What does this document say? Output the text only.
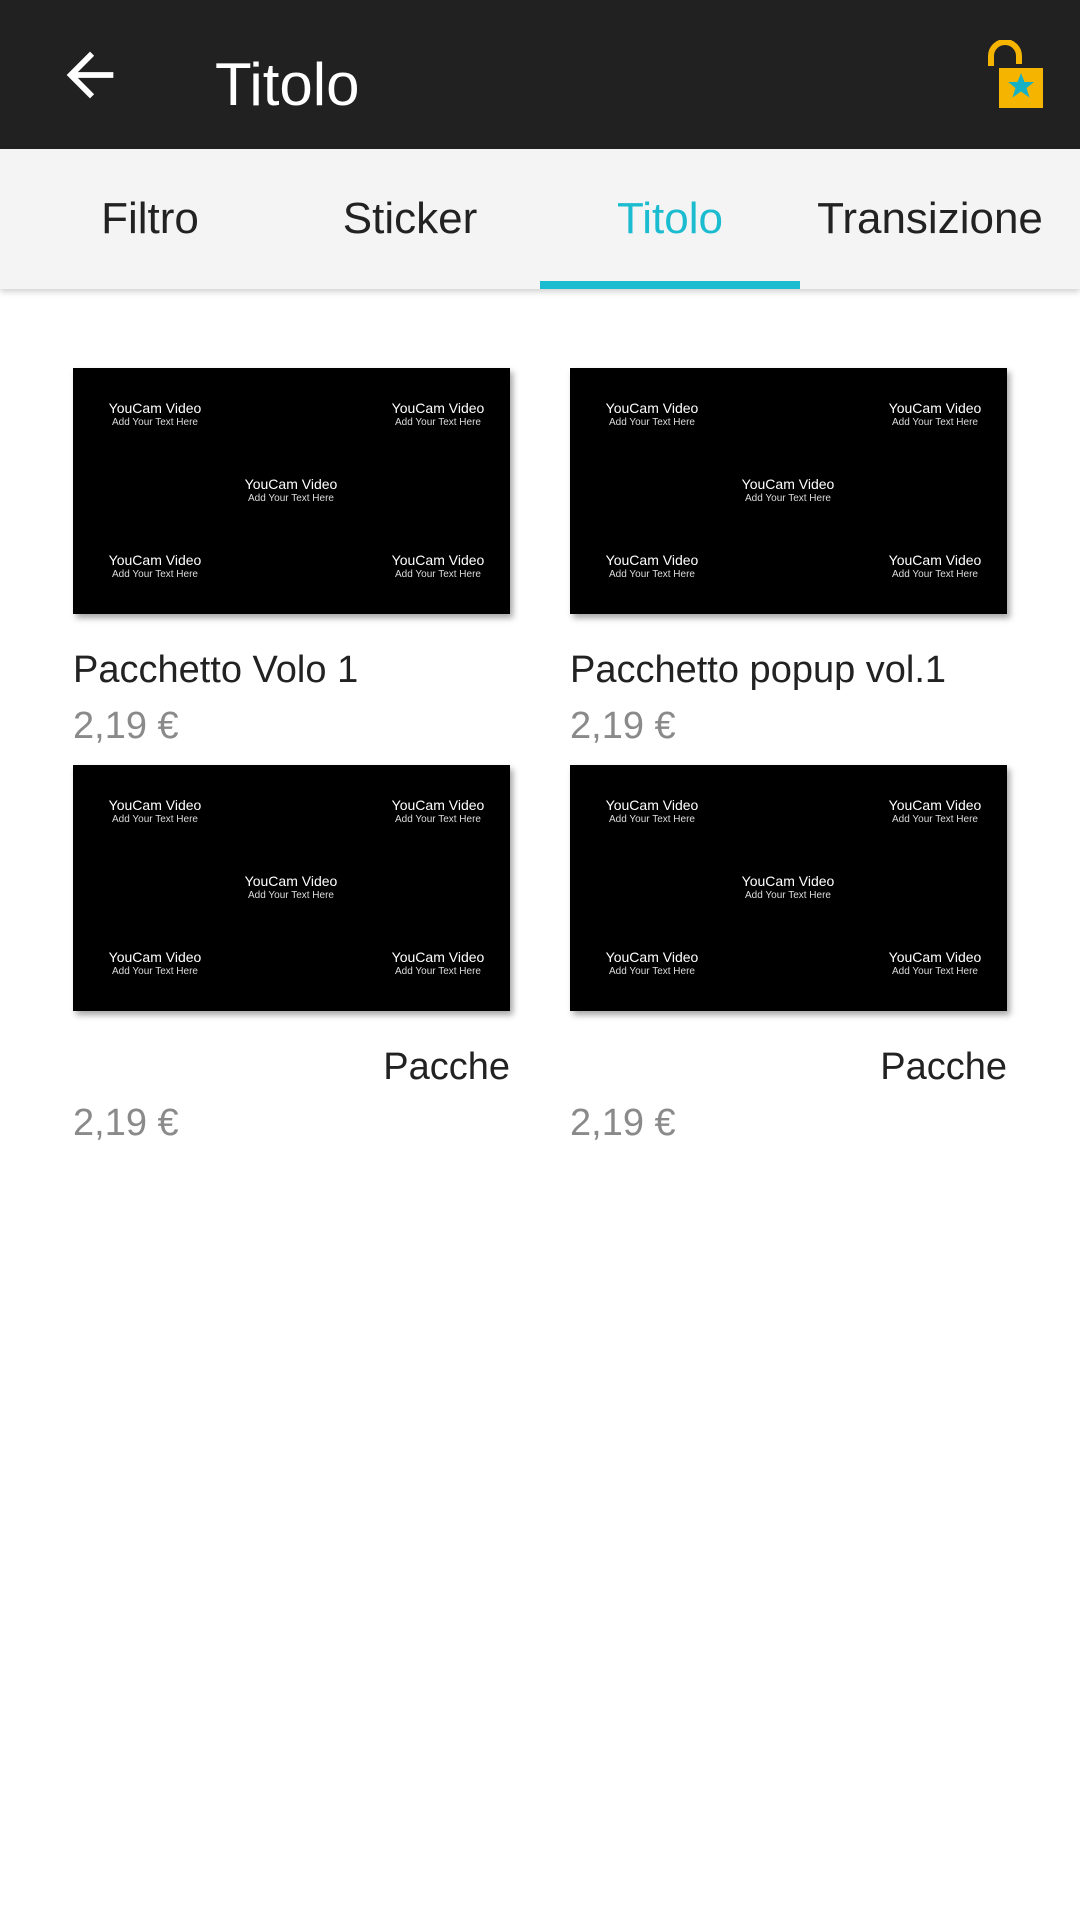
Titolo
Filtro	Sticker	Titolo Transizione
YouCam Video
Add Your Text Here
YouCam Video
Add Your Text Here
YouCam Video
Add Your Text Here
YouCam Video
Add Your Text Here
YouCam Video
Add Your Text Here
Pacchetto Volo 1
2,19 €
YouCam Video
Add Your Text Here
YouCam Video
Add Your Text Here
YouCam Video
Add Your Text Here
YouCam Video
Add Your Text Here
YouCam Video
Add Your Text Here
Pacchetto popup vol.1
2,19 €
YouCam Video
Add Your Text Here
YouCam Video
Add Your Text Here
YouCam Video
Add Your Text Here
YouCam Video
Add Your Text Here
YouCam Video
Add Your Text Here
Pacche
2,19 €
YouCam Video
Add Your Text Here
YouCam Video
Add Your Text Here
YouCam Video
Add Your Text Here
YouCam Video
Add Your Text Here
YouCam Video
Add Your Text Here
Pacche
2,19 €
